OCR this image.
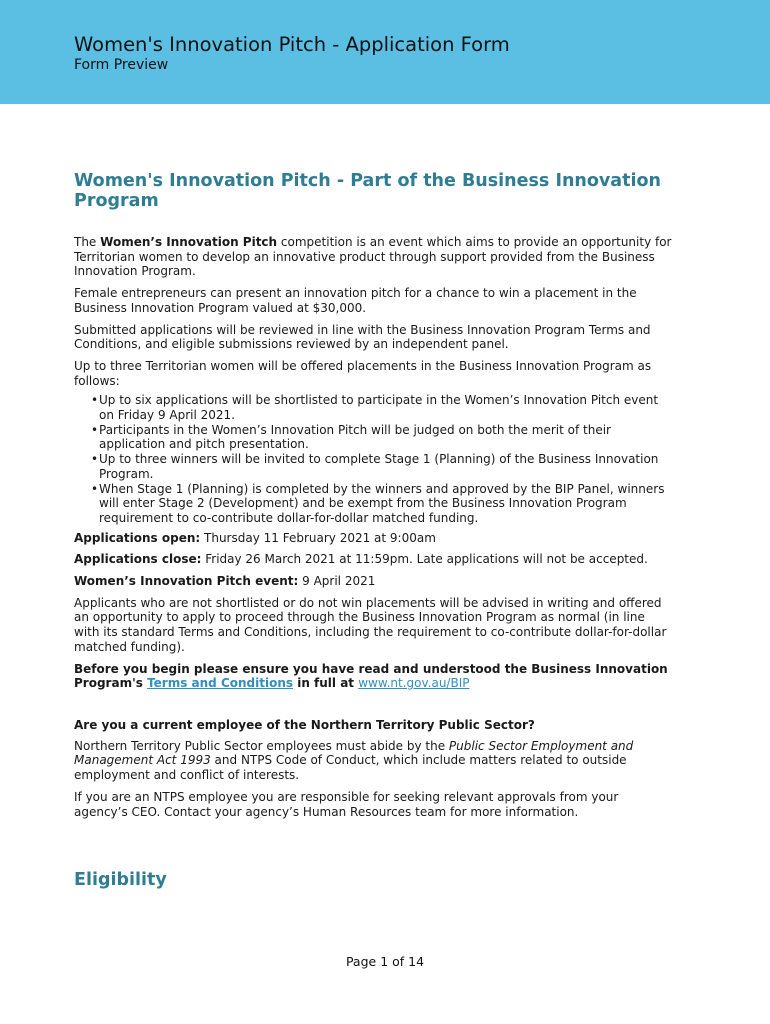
Women's Innovation Pitch - Application Form
Form Preview
Women's Innovation Pitch - Part of the Business Innovation Program

The Women’s Innovation Pitch competition is an event which aims to provide an opportunity for Territorian women to develop an innovative product through support provided from the Business Innovation Program.

Female entrepreneurs can present an innovation pitch for a chance to win a placement in the Business Innovation Program valued at $30,000.

Submitted applications will be reviewed in line with the Business Innovation Program Terms and Conditions, and eligible submissions reviewed by an independent panel.

Up to three Territorian women will be offered placements in the Business Innovation Program as follows:

• Up to six applications will be shortlisted to participate in the Women’s Innovation Pitch event on Friday 9 April 2021.
• Participants in the Women’s Innovation Pitch will be judged on both the merit of their application and pitch presentation.
• Up to three winners will be invited to complete Stage 1 (Planning) of the Business Innovation Program.
• When Stage 1 (Planning) is completed by the winners and approved by the BIP Panel, winners will enter Stage 2 (Development) and be exempt from the Business Innovation Program requirement to co-contribute dollar-for-dollar matched funding.

Applications open: Thursday 11 February 2021 at 9:00am

Applications close: Friday 26 March 2021 at 11:59pm. Late applications will not be accepted.

Women’s Innovation Pitch event: 9 April 2021

Applicants who are not shortlisted or do not win placements will be advised in writing and offered an opportunity to apply to proceed through the Business Innovation Program as normal (in line with its standard Terms and Conditions, including the requirement to co-contribute dollar-for-dollar matched funding).

Before you begin please ensure you have read and understood the Business Innovation Program's Terms and Conditions in full at www.nt.gov.au/BIP

Are you a current employee of the Northern Territory Public Sector?

Northern Territory Public Sector employees must abide by the Public Sector Employment and Management Act 1993 and NTPS Code of Conduct, which include matters related to outside employment and conflict of interests.

If you are an NTPS employee you are responsible for seeking relevant approvals from your agency’s CEO. Contact your agency’s Human Resources team for more information.

Eligibility
Page 1 of 14
